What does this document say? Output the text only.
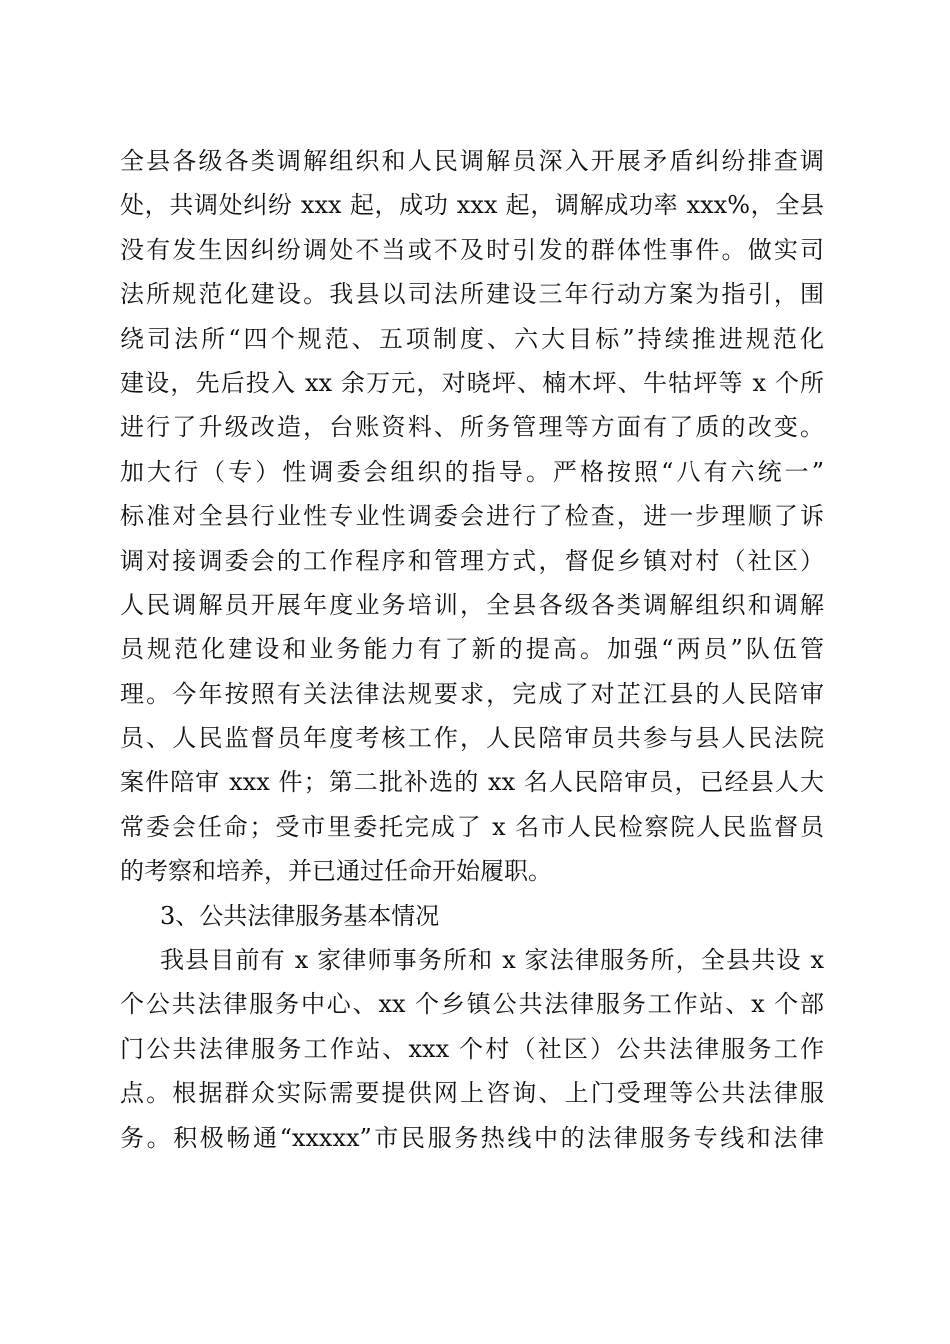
全县各级各类调解组织和人民调解员深入开展矛盾纠纷排查调
处，共调处纠纷 xxx 起，成功 xxx 起，调解成功率 xxx%，全县
没有发生因纠纷调处不当或不及时引发的群体性事件。做实司
法所规范化建设。我县以司法所建设三年行动方案为指引，围
绕司法所“四个规范、五项制度、六大目标”持续推进规范化
建设，先后投入 xx 余万元，对晓坪、楠木坪、牛牯坪等 x 个所
进行了升级改造，台账资料、所务管理等方面有了质的改变。
加大行（专）性调委会组织的指导。严格按照“八有六统一”
标准对全县行业性专业性调委会进行了检查，进一步理顺了诉
调对接调委会的工作程序和管理方式，督促乡镇对村（社区）
人民调解员开展年度业务培训，全县各级各类调解组织和调解
员规范化建设和业务能力有了新的提高。加强“两员”队伍管
理。今年按照有关法律法规要求，完成了对芷江县的人民陪审
员、人民监督员年度考核工作，人民陪审员共参与县人民法院
案件陪审 xxx 件；第二批补选的 xx 名人民陪审员，已经县人大
常委会任命；受市里委托完成了 x 名市人民检察院人民监督员
的考察和培养，并已通过任命开始履职。
3、公共法律服务基本情况
我县目前有 x 家律师事务所和 x 家法律服务所，全县共设 x
个公共法律服务中心、xx 个乡镇公共法律服务工作站、x 个部
门公共法律服务工作站、xxx 个村（社区）公共法律服务工作
点。根据群众实际需要提供网上咨询、上门受理等公共法律服
务。积极畅通“xxxxx”市民服务热线中的法律服务专线和法律
